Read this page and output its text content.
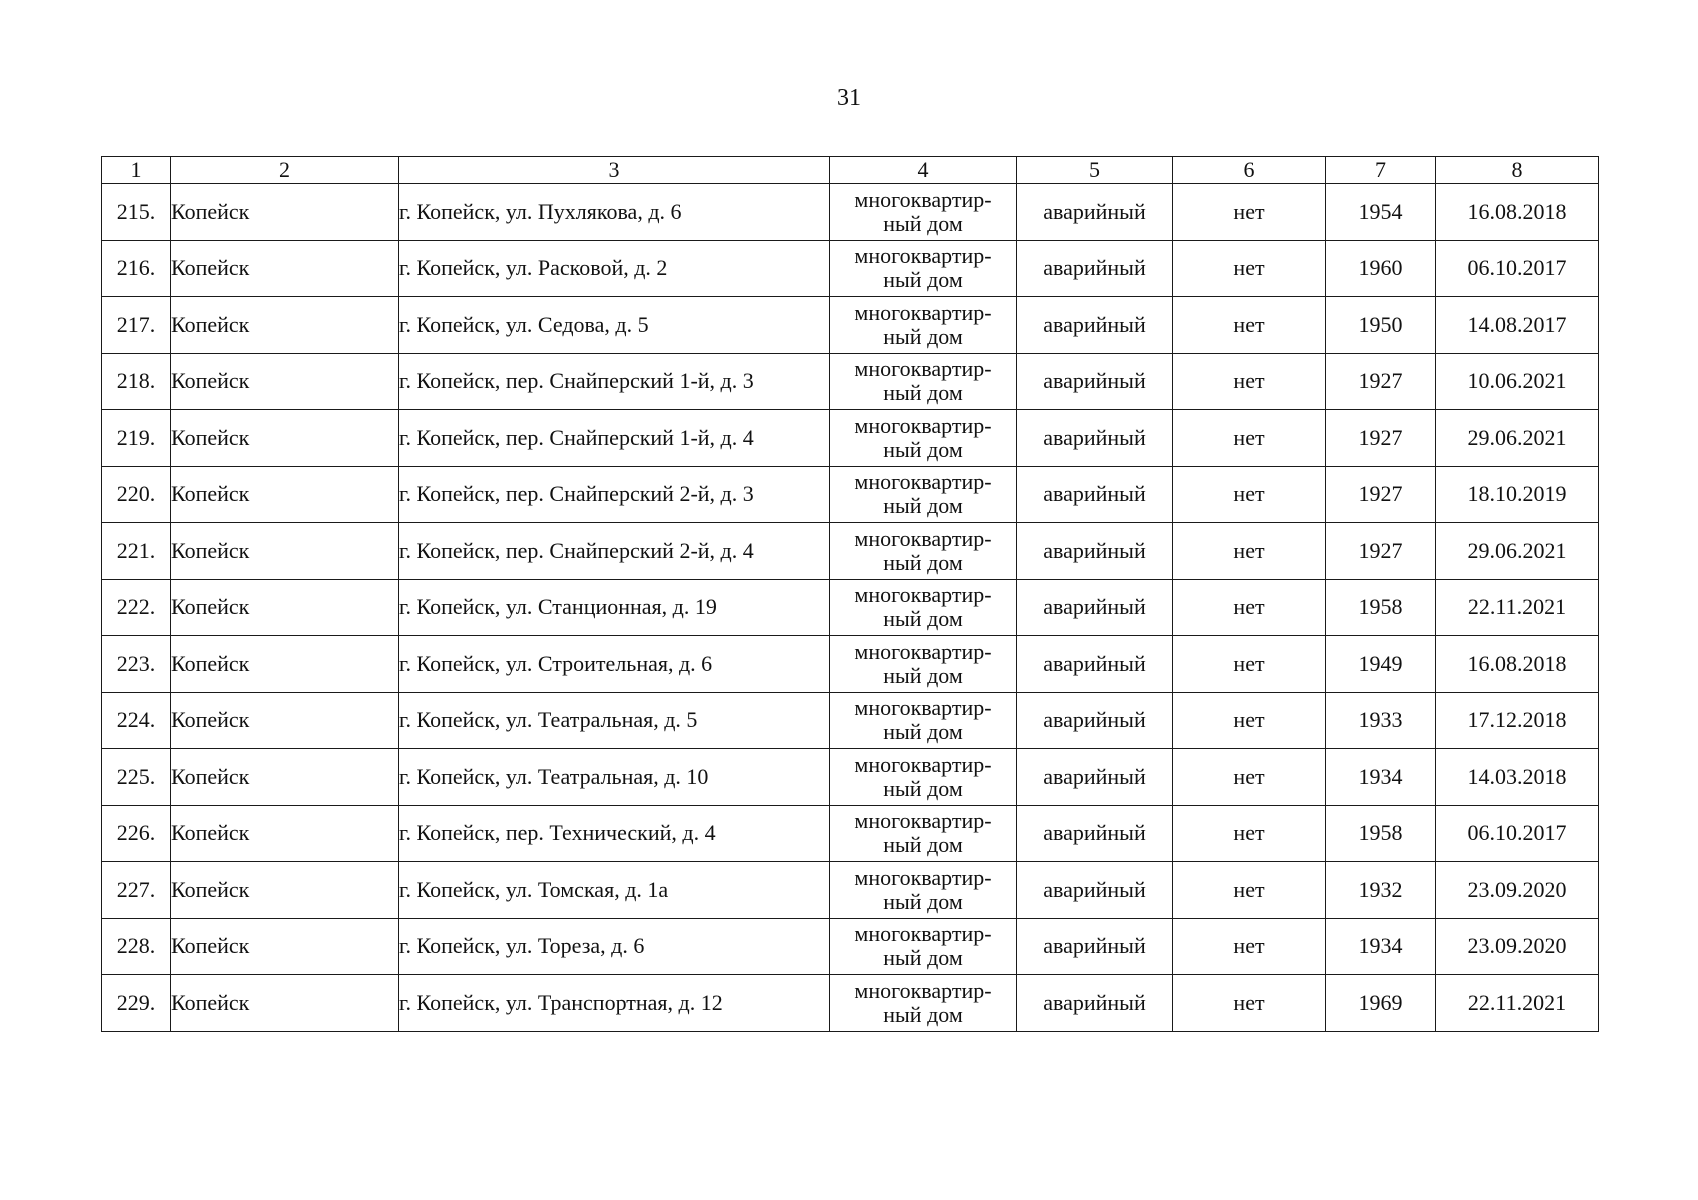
31
1	2	3	4	5	6	7	8
215.	Копейск	г. Копейск, ул. Пухлякова, д. 6	многоквартир-
ный дом	аварийный	нет	1954	16.08.2018
216.	Копейск	г. Копейск, ул. Расковой, д. 2	многоквартир-
ный дом	аварийный	нет	1960	06.10.2017
217.	Копейск	г. Копейск, ул. Седова, д. 5	многоквартир-
ный дом	аварийный	нет	1950	14.08.2017
218.	Копейск	г. Копейск, пер. Снайперский 1-й, д. 3	многоквартир-
ный дом	аварийный	нет	1927	10.06.2021
219.	Копейск	г. Копейск, пер. Снайперский 1-й, д. 4	многоквартир-
ный дом	аварийный	нет	1927	29.06.2021
220.	Копейск	г. Копейск, пер. Снайперский 2-й, д. 3	многоквартир-
ный дом	аварийный	нет	1927	18.10.2019
221.	Копейск	г. Копейск, пер. Снайперский 2-й, д. 4	многоквартир-
ный дом	аварийный	нет	1927	29.06.2021
222.	Копейск	г. Копейск, ул. Станционная, д. 19	многоквартир-
ный дом	аварийный	нет	1958	22.11.2021
223.	Копейск	г. Копейск, ул. Строительная, д. 6	многоквартир-
ный дом	аварийный	нет	1949	16.08.2018
224.	Копейск	г. Копейск, ул. Театральная, д. 5	многоквартир-
ный дом	аварийный	нет	1933	17.12.2018
225.	Копейск	г. Копейск, ул. Театральная, д. 10	многоквартир-
ный дом	аварийный	нет	1934	14.03.2018
226.	Копейск	г. Копейск, пер. Технический, д. 4	многоквартир-
ный дом	аварийный	нет	1958	06.10.2017
227.	Копейск	г. Копейск, ул. Томская, д. 1а	многоквартир-
ный дом	аварийный	нет	1932	23.09.2020
228.	Копейск	г. Копейск, ул. Тореза, д. 6	многоквартир-
ный дом	аварийный	нет	1934	23.09.2020
229.	Копейск	г. Копейск, ул. Транспортная, д. 12	многоквартир-
ный дом	аварийный	нет	1969	22.11.2021
